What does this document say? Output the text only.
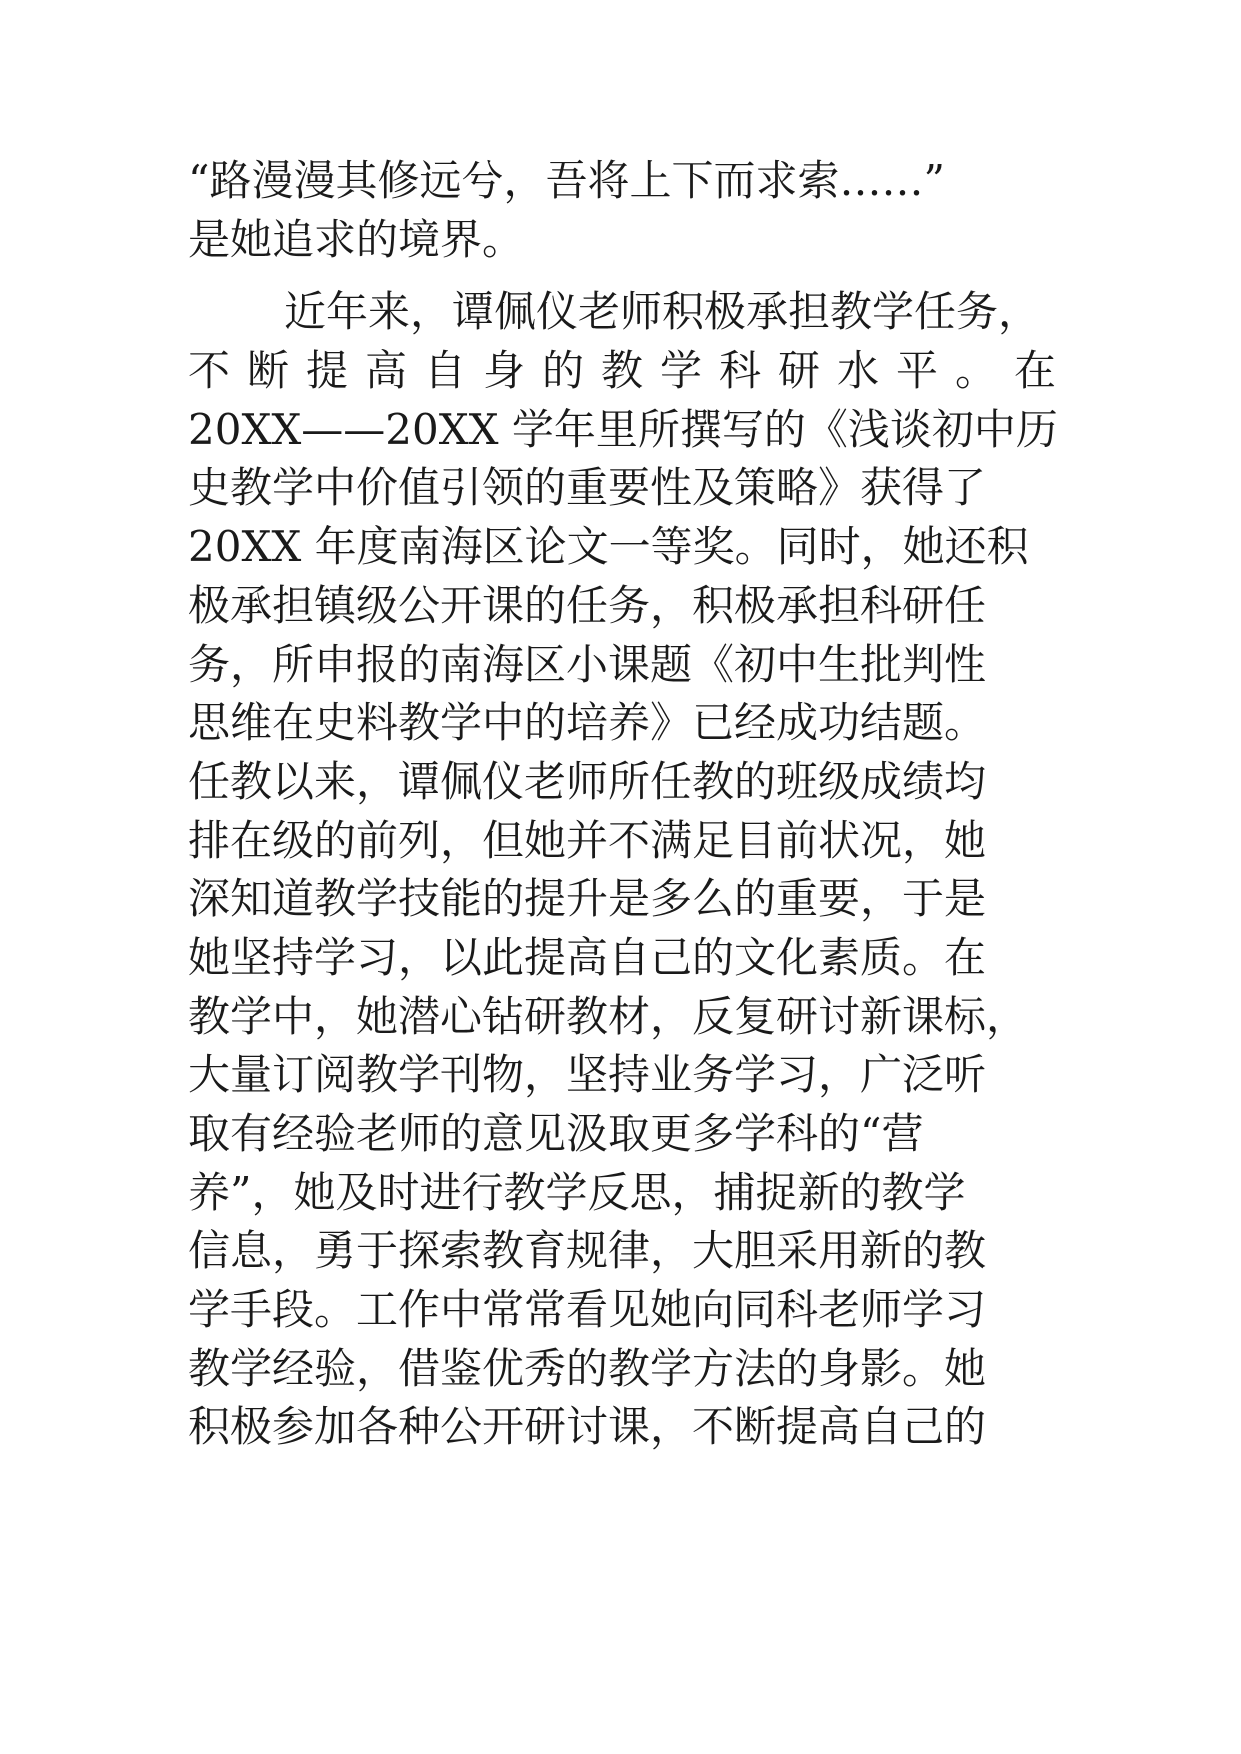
“路漫漫其修远兮，吾将上下而求索……”
是她追求的境界。
近年来，谭佩仪老师积极承担教学任务，
不断提高自身的教学科研水平。在
20XX——20XX 学年里所撰写的《浅谈初中历
史教学中价值引领的重要性及策略》获得了
20XX 年度南海区论文一等奖。同时，她还积
极承担镇级公开课的任务，积极承担科研任
务，所申报的南海区小课题《初中生批判性
思维在史料教学中的培养》已经成功结题。
任教以来，谭佩仪老师所任教的班级成绩均
排在级的前列，但她并不满足目前状况，她
深知道教学技能的提升是多么的重要，于是
她坚持学习，以此提高自己的文化素质。在
教学中，她潜心钻研教材，反复研讨新课标，
大量订阅教学刊物，坚持业务学习，广泛听
取有经验老师的意见汲取更多学科的“营
养”，她及时进行教学反思，捕捉新的教学
信息，勇于探索教育规律，大胆采用新的教
学手段。工作中常常看见她向同科老师学习
教学经验，借鉴优秀的教学方法的身影。她
积极参加各种公开研讨课，不断提高自己的
